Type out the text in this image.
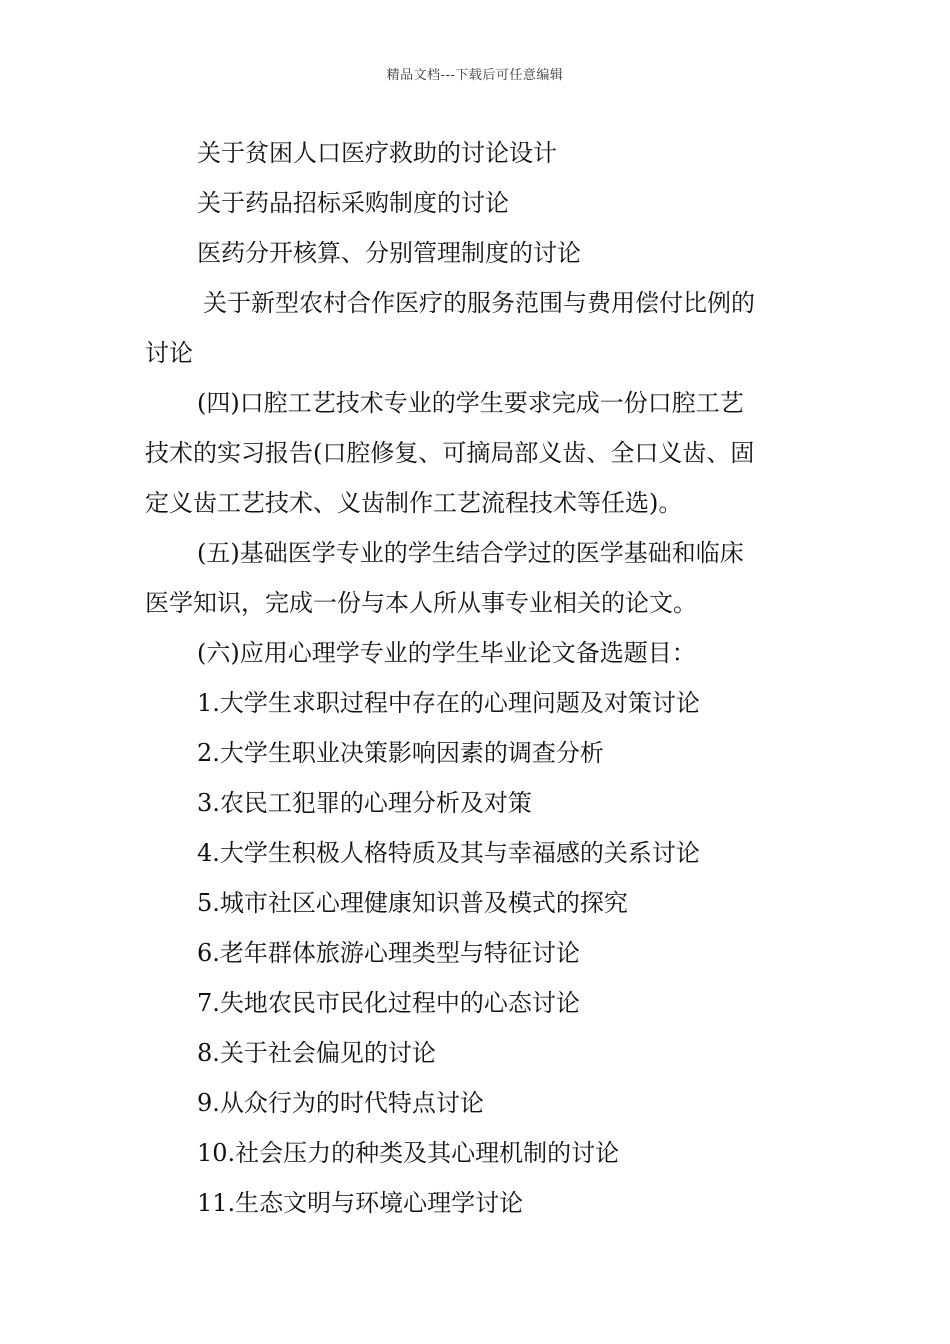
精品文档---下载后可任意编辑

关于贫困人口医疗救助的讨论设计

关于药品招标采购制度的讨论

医药分开核算、分别管理制度的讨论

关于新型农村合作医疗的服务范围与费用偿付比例的

讨论

(四)口腔工艺技术专业的学生要求完成一份口腔工艺

技术的实习报告(口腔修复、可摘局部义齿、全口义齿、固

定义齿工艺技术、义齿制作工艺流程技术等任选)。

(五)基础医学专业的学生结合学过的医学基础和临床

医学知识，完成一份与本人所从事专业相关的论文。

(六)应用心理学专业的学生毕业论文备选题目：

1.大学生求职过程中存在的心理问题及对策讨论

2.大学生职业决策影响因素的调查分析

3.农民工犯罪的心理分析及对策

4.大学生积极人格特质及其与幸福感的关系讨论

5.城市社区心理健康知识普及模式的探究

6.老年群体旅游心理类型与特征讨论

7.失地农民市民化过程中的心态讨论

8.关于社会偏见的讨论

9.从众行为的时代特点讨论

10.社会压力的种类及其心理机制的讨论

11.生态文明与环境心理学讨论
